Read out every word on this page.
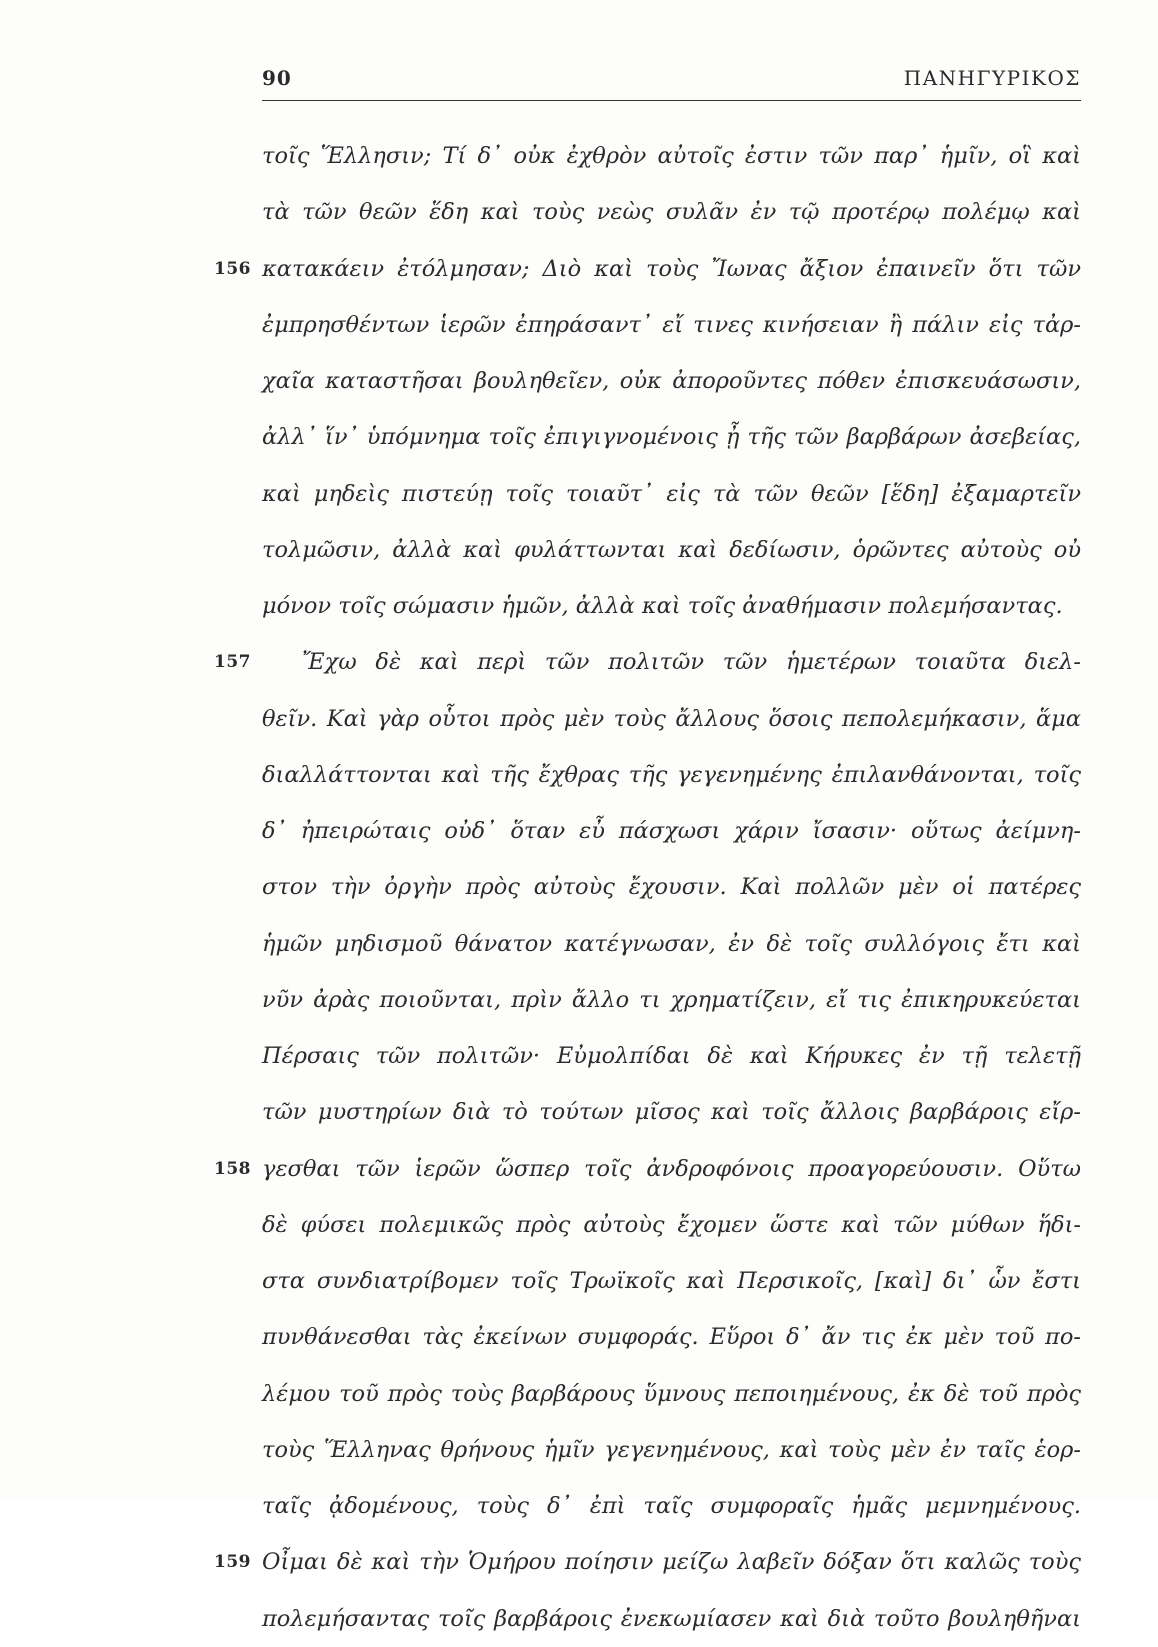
90	ΠΑΝΗΓΥΡΙΚΟΣ
τοῖς Ἕλλησιν; Τί δ᾽ οὐκ ἐχθρὸν αὐτοῖς ἐστιν τῶν παρ᾽ ἡμῖν, οἳ καὶ
τὰ τῶν θεῶν ἕδη καὶ τοὺς νεὼς συλᾶν ἐν τῷ προτέρῳ πολέμῳ καὶ
156 κατακάειν ἐτόλμησαν; Διὸ καὶ τοὺς Ἴωνας ἄξιον ἐπαινεῖν ὅτι τῶν
ἐμπρησθέντων ἱερῶν ἐπηράσαντ᾽ εἴ τινες κινήσειαν ἢ πάλιν εἰς τἀρ-
χαῖα καταστῆσαι βουληθεῖεν, οὐκ ἀποροῦντες πόθεν ἐπισκευάσωσιν,
ἀλλ᾽ ἵν᾽ ὑπόμνημα τοῖς ἐπιγιγνομένοις ᾖ τῆς τῶν βαρβάρων ἀσεβείας,
καὶ μηδεὶς πιστεύῃ τοῖς τοιαῦτ᾽ εἰς τὰ τῶν θεῶν [ἕδη] ἐξαμαρτεῖν
τολμῶσιν, ἀλλὰ καὶ φυλάττωνται καὶ δεδίωσιν, ὁρῶντες αὐτοὺς οὐ
μόνον τοῖς σώμασιν ἡμῶν, ἀλλὰ καὶ τοῖς ἀναθήμασιν πολεμήσαντας.
157 Ἔχω δὲ καὶ περὶ τῶν πολιτῶν τῶν ἡμετέρων τοιαῦτα διελ-
θεῖν. Καὶ γὰρ οὗτοι πρὸς μὲν τοὺς ἄλλους ὅσοις πεπολεμήκασιν, ἅμα
διαλλάττονται καὶ τῆς ἔχθρας τῆς γεγενημένης ἐπιλανθάνονται, τοῖς
δ᾽ ἠπειρώταις οὐδ᾽ ὅταν εὖ πάσχωσι χάριν ἴσασιν· οὕτως ἀείμνη-
στον τὴν ὀργὴν πρὸς αὐτοὺς ἔχουσιν. Καὶ πολλῶν μὲν οἱ πατέρες
ἡμῶν μηδισμοῦ θάνατον κατέγνωσαν, ἐν δὲ τοῖς συλλόγοις ἔτι καὶ
νῦν ἀρὰς ποιοῦνται, πρὶν ἄλλο τι χρηματίζειν, εἴ τις ἐπικηρυκεύεται
Πέρσαις τῶν πολιτῶν· Εὐμολπίδαι δὲ καὶ Κήρυκες ἐν τῇ τελετῇ
τῶν μυστηρίων διὰ τὸ τούτων μῖσος καὶ τοῖς ἄλλοις βαρβάροις εἴρ-
158 γεσθαι τῶν ἱερῶν ὥσπερ τοῖς ἀνδροφόνοις προαγορεύουσιν. Οὕτω
δὲ φύσει πολεμικῶς πρὸς αὐτοὺς ἔχομεν ὥστε καὶ τῶν μύθων ἥδι-
στα συνδιατρίβομεν τοῖς Τρωϊκοῖς καὶ Περσικοῖς, [καὶ] δι᾽ ὧν ἔστι
πυνθάνεσθαι τὰς ἐκείνων συμφοράς. Εὕροι δ᾽ ἄν τις ἐκ μὲν τοῦ πο-
λέμου τοῦ πρὸς τοὺς βαρβάρους ὕμνους πεποιημένους, ἐκ δὲ τοῦ πρὸς
τοὺς Ἕλληνας θρήνους ἡμῖν γεγενημένους, καὶ τοὺς μὲν ἐν ταῖς ἑορ-
ταῖς ᾀδομένους, τοὺς δ᾽ ἐπὶ ταῖς συμφοραῖς ἡμᾶς μεμνημένους.
159 Οἶμαι δὲ καὶ τὴν Ὁμήρου ποίησιν μείζω λαβεῖν δόξαν ὅτι καλῶς τοὺς
πολεμήσαντας τοῖς βαρβάροις ἐνεκωμίασεν καὶ διὰ τοῦτο βουληθῆναι
